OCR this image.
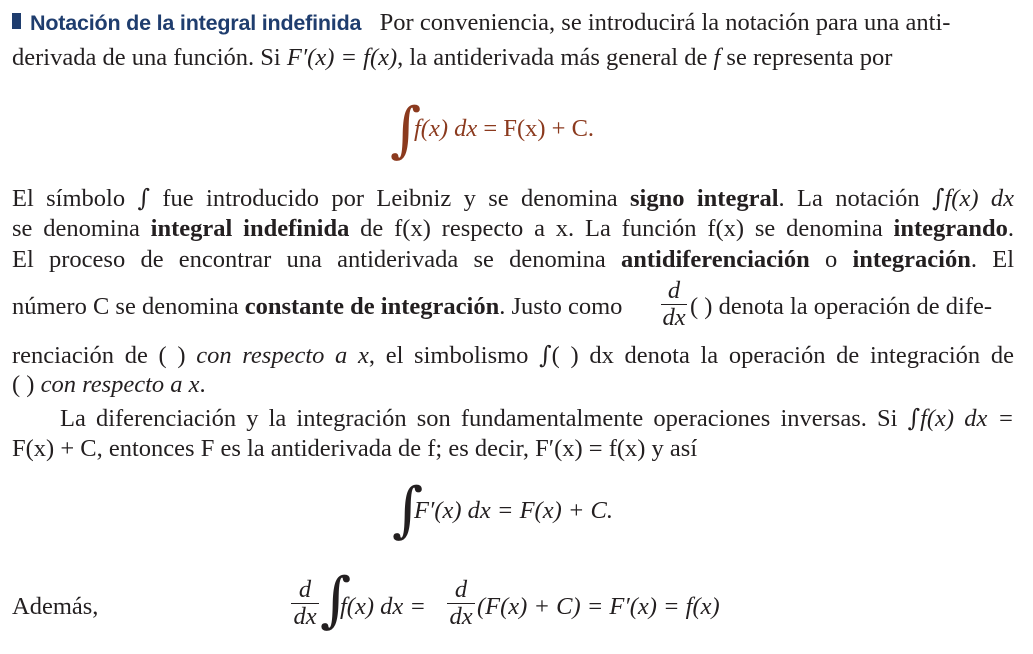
Notación de la integral indefinida Por conveniencia, se introducirá la notación para una anti-
derivada de una función. Si F′(x) = f(x), la antiderivada más general de f se representa por
∫
f(x) dx = F(x) + C.
El símbolo ∫ fue introducido por Leibniz y se denomina signo integral. La notación ∫f(x) dx
se denomina integral indefinida de f(x) respecto a x. La función f(x) se denomina integrando.
El proceso de encontrar una antiderivada se denomina antidiferenciación o integración. El
número C se denomina constante de integración. Justo como
d
dx ( ) denota la operación de dife-
renciación de ( ) con respecto a x, el simbolismo ∫( ) dx denota la operación de integración de
( ) con respecto a x.
La diferenciación y la integración son fundamentalmente operaciones inversas. Si ∫f(x) dx =
F(x) + C, entonces F es la antiderivada de f; es decir, F′(x) = f(x) y así
∫
F′(x) dx = F(x) + C.
Además,
d
dx ∫
f(x) dx =
d
dx (F(x) + C) = F′(x) = f(x)
